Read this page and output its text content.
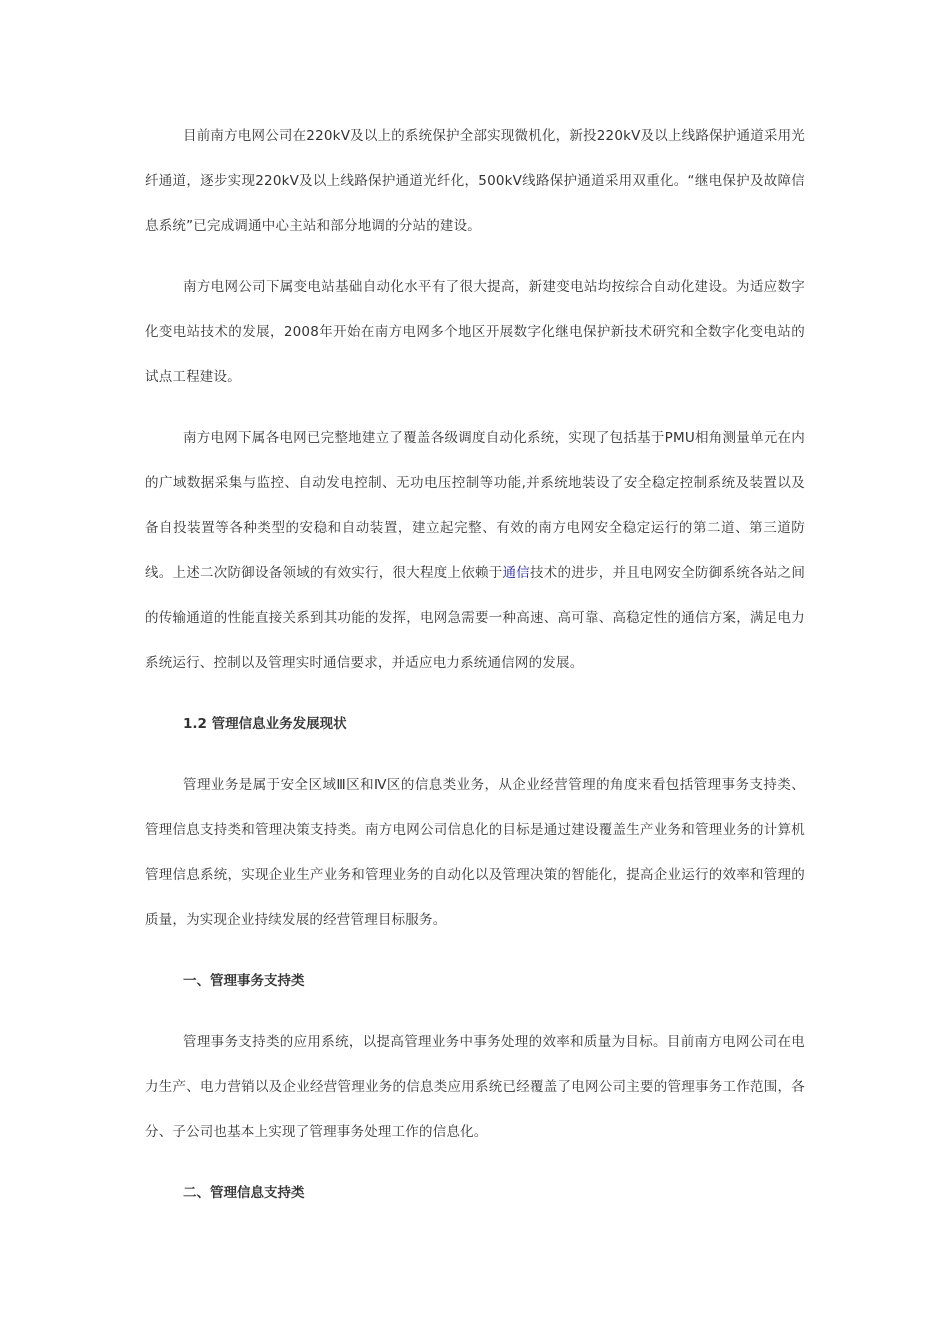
目前南方电网公司在220kV及以上的系统保护全部实现微机化，新投220kV及以上线路保护通道采用光纤通道，逐步实现220kV及以上线路保护通道光纤化，500kV线路保护通道采用双重化。“继电保护及故障信息系统”已完成调通中心主站和部分地调的分站的建设。

南方电网公司下属变电站基础自动化水平有了很大提高，新建变电站均按综合自动化建设。为适应数字化变电站技术的发展，2008年开始在南方电网多个地区开展数字化继电保护新技术研究和全数字化变电站的试点工程建设。

南方电网下属各电网已完整地建立了覆盖各级调度自动化系统，实现了包括基于PMU相角测量单元在内的广域数据采集与监控、自动发电控制、无功电压控制等功能,并系统地装设了安全稳定控制系统及装置以及备自投装置等各种类型的安稳和自动装置，建立起完整、有效的南方电网安全稳定运行的第二道、第三道防线。上述二次防御设备领域的有效实行，很大程度上依赖于通信技术的进步，并且电网安全防御系统各站之间的传输通道的性能直接关系到其功能的发挥，电网急需要一种高速、高可靠、高稳定性的通信方案，满足电力系统运行、控制以及管理实时通信要求，并适应电力系统通信网的发展。

1.2 管理信息业务发展现状

管理业务是属于安全区域Ⅲ区和Ⅳ区的信息类业务，从企业经营管理的角度来看包括管理事务支持类、管理信息支持类和管理决策支持类。南方电网公司信息化的目标是通过建设覆盖生产业务和管理业务的计算机管理信息系统，实现企业生产业务和管理业务的自动化以及管理决策的智能化，提高企业运行的效率和管理的质量，为实现企业持续发展的经营管理目标服务。

一、管理事务支持类

管理事务支持类的应用系统，以提高管理业务中事务处理的效率和质量为目标。目前南方电网公司在电力生产、电力营销以及企业经营管理业务的信息类应用系统已经覆盖了电网公司主要的管理事务工作范围，各分、子公司也基本上实现了管理事务处理工作的信息化。

二、管理信息支持类
